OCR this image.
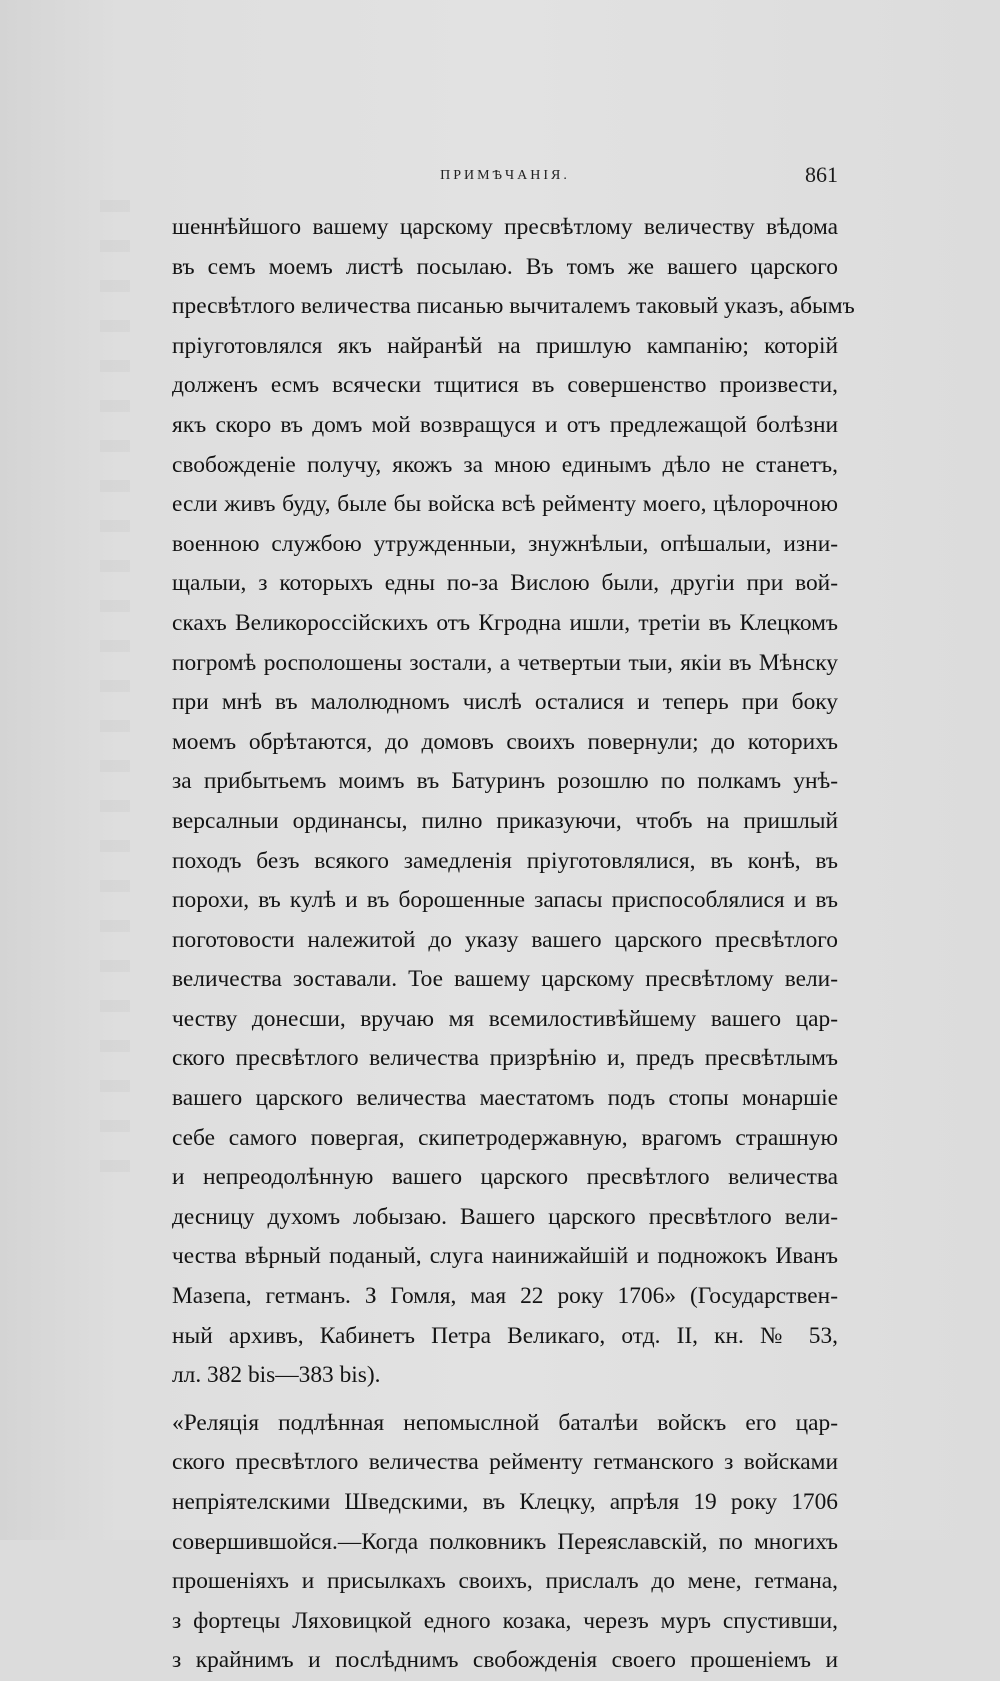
ПРИМѢЧАНІЯ.	861
шеннѣйшого вашему царскому пресвѣтлому величеству вѣдома
въ семъ моемъ листѣ посылаю. Въ томъ же вашего царского
пресвѣтлого величества писанью вычиталемъ таковый указъ, абымъ
пріуготовлялся якъ найранѣй на пришлую кампанію; которій
долженъ есмъ всячески тщитися въ совершенство произвести,
якъ скоро въ домъ мой возвращуся и отъ предлежащой болѣзни
свобожденіе получу, якожъ за мною единымъ дѣло не станетъ,
если живъ буду, быле бы войска всѣ рейменту моего, цѣлорочною
военною службою утружденныи, знужнѣлыи, опѣшалыи, изни-
щалыи, з которыхъ едны по-за Вислою были, другіи при вой-
скахъ Великороссійскихъ отъ Кгродна ишли, третіи въ Клецкомъ
погромѣ росполошены зостали, а четвертыи тыи, якіи въ Мѣнску
при мнѣ въ малолюдномъ числѣ осталися и теперь при боку
моемъ обрѣтаются, до домовъ своихъ повернули; до которихъ
за прибытьемъ моимъ въ Батуринъ розошлю по полкамъ унѣ-
версалныи ординансы, пилно приказуючи, чтобъ на пришлый
походъ безъ всякого замедленія пріуготовлялися, въ конѣ, въ
порохи, въ кулѣ и въ борошенные запасы приспособлялися и въ
поготовости належитой до указу вашего царского пресвѣтлого
величества зоставали. Тое вашему царскому пресвѣтлому вели-
честву донесши, вручаю мя всемилостивѣйшему вашего цар-
ского пресвѣтлого величества призрѣнію и, предъ пресвѣтлымъ
вашего царского величества маестатомъ подъ стопы монаршіе
себе самого повергая, скипетродержавную, врагомъ страшную
и непреодолѣнную вашего царского пресвѣтлого величества
десницу духомъ лобызаю. Вашего царского пресвѣтлого вели-
чества вѣрный поданый, слуга наинижайшій и подножокъ Иванъ
Мазепа, гетманъ. З Гомля, мая 22 року 1706» (Государствен-
ный архивъ, Кабинетъ Петра Великаго, отд. II, кн. № 53,
лл. 382 bis—383 bis).
«Реляція подлѣнная непомыслной баталѣи войскъ его цар-
ского пресвѣтлого величества рейменту гетманского з войсками
непріятелскими Шведскими, въ Клецку, апрѣля 19 року 1706
совершившойся.—Когда полковникъ Переяславскій, по многихъ
прошеніяхъ и присылкахъ своихъ, прислалъ до мене, гетмана,
з фортецы Ляховицкой едного козака, черезъ муръ спустивши,
з крайнимъ и послѣднимъ свобожденія своего прошеніемъ и
